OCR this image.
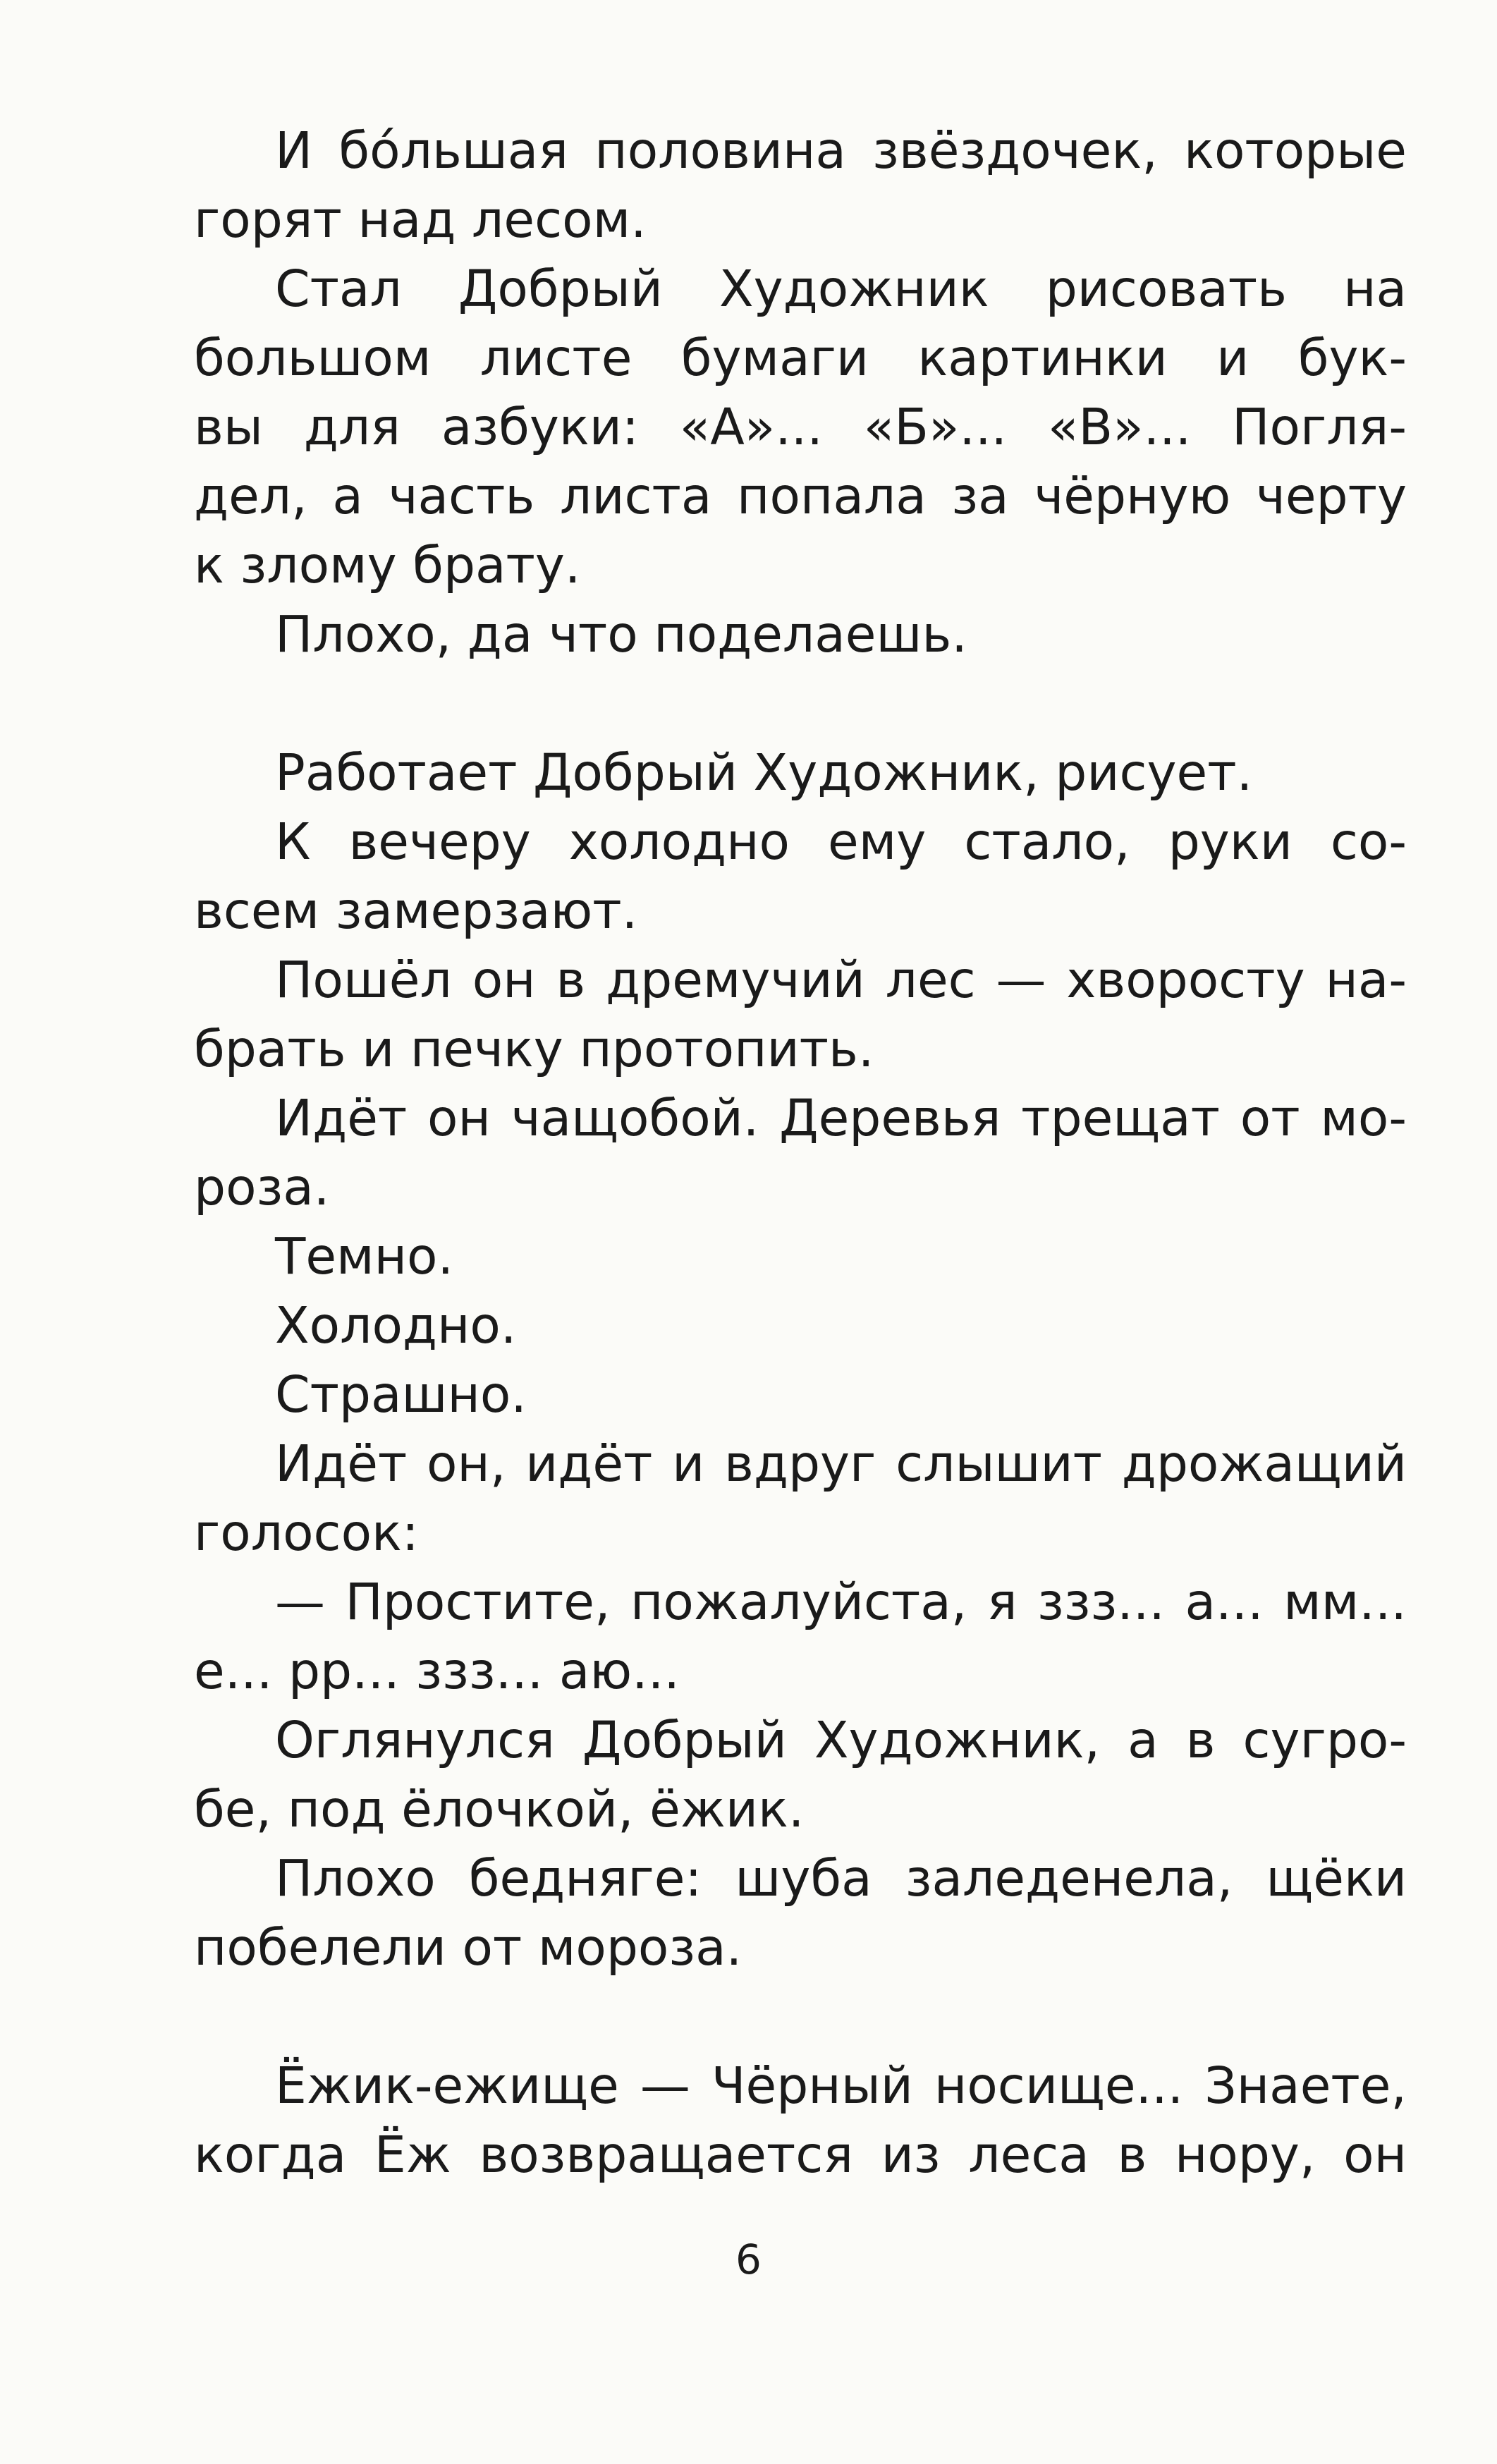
И бо́льшая половина звёздочек, которые
горят над лесом.
Стал Добрый Художник рисовать на
большом листе бумаги картинки и бук-
вы для азбуки: «А»... «Б»... «В»... Погля-
дел, а часть листа попала за чёрную черту
к злому брату.
Плохо, да что поделаешь.
Работает Добрый Художник, рисует.
К вечеру холодно ему стало, руки со-
всем замерзают.
Пошёл он в дремучий лес — хворосту на-
брать и печку протопить.
Идёт он чащобой. Деревья трещат от мо-
роза.
Темно.
Холодно.
Страшно.
Идёт он, идёт и вдруг слышит дрожащий
голосок:
— Простите, пожалуйста, я ззз... а... мм...
е... рр... ззз... аю...
Оглянулся Добрый Художник, а в сугро-
бе, под ёлочкой, ёжик.
Плохо бедняге: шуба заледенела, щёки
побелели от мороза.
Ёжик-ежище — Чёрный носище... Знаете,
когда Ёж возвращается из леса в нору, он
6
